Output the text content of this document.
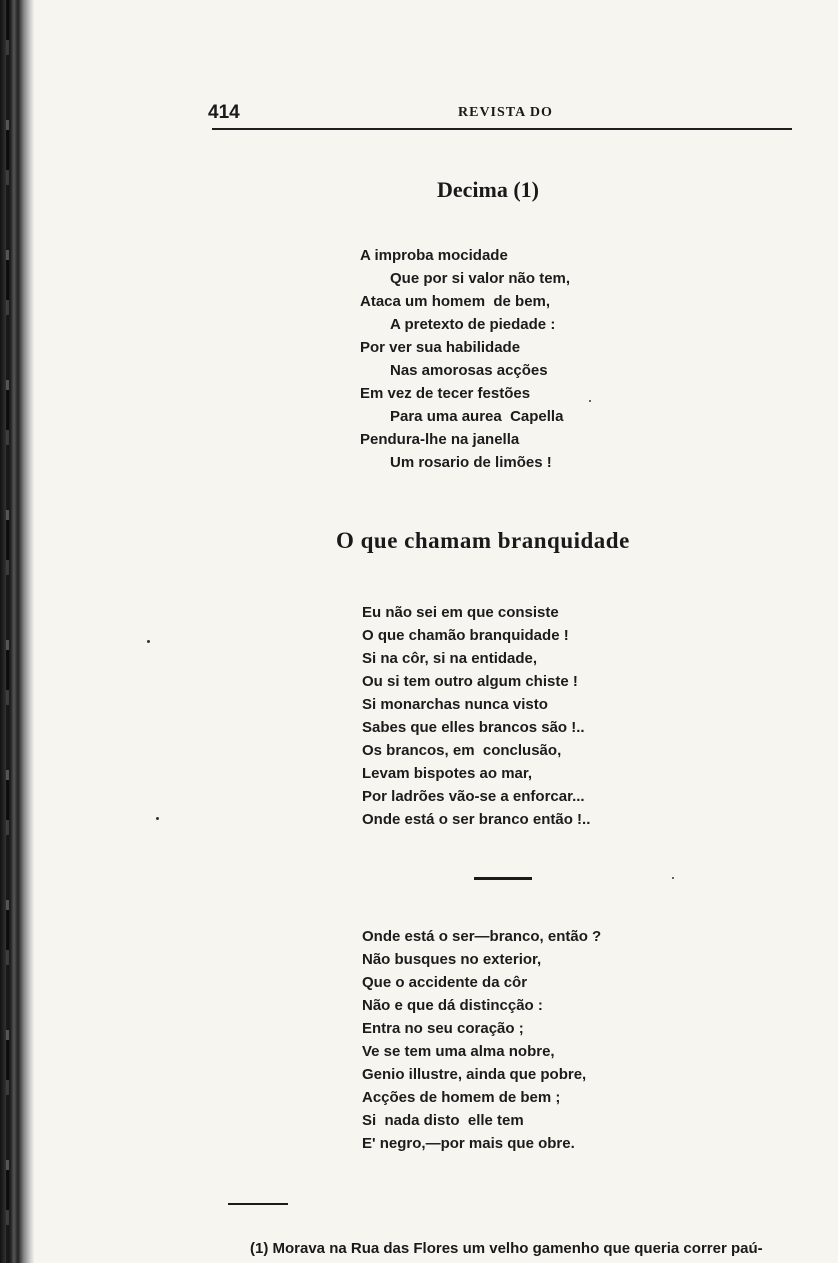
414	REVISTA DO
Decima (1)
A improba mocidade
Que por si valor não tem,
Ataca um homem  de bem,
A pretexto de piedade :
Por ver sua habilidade
Nas amorosas acções
Em vez de tecer festões
Para uma aurea  Capella
Pendura-lhe na janella
Um rosario de limões !
O que chamam branquidade
Eu não sei em que consiste
O que chamão branquidade !
Si na côr, si na entidade,
Ou si tem outro algum chiste !
Si monarchas nunca visto
Sabes que elles brancos são !..
Os brancos, em  conclusão,
Levam bispotes ao mar,
Por ladrões vão-se a enforcar...
Onde está o ser branco então !..
Onde está o ser—branco, então ?
Não busques no exterior,
Que o accidente da côr
Não e que dá distincção :
Entra no seu coração ;
Ve se tem uma alma nobre,
Genio illustre, ainda que pobre,
Acções de homem de bem ;
Si  nada disto  elle tem
E' negro,—por mais que obre.
(1) Morava na Rua das Flores um velho gamenho que queria correr paú-
